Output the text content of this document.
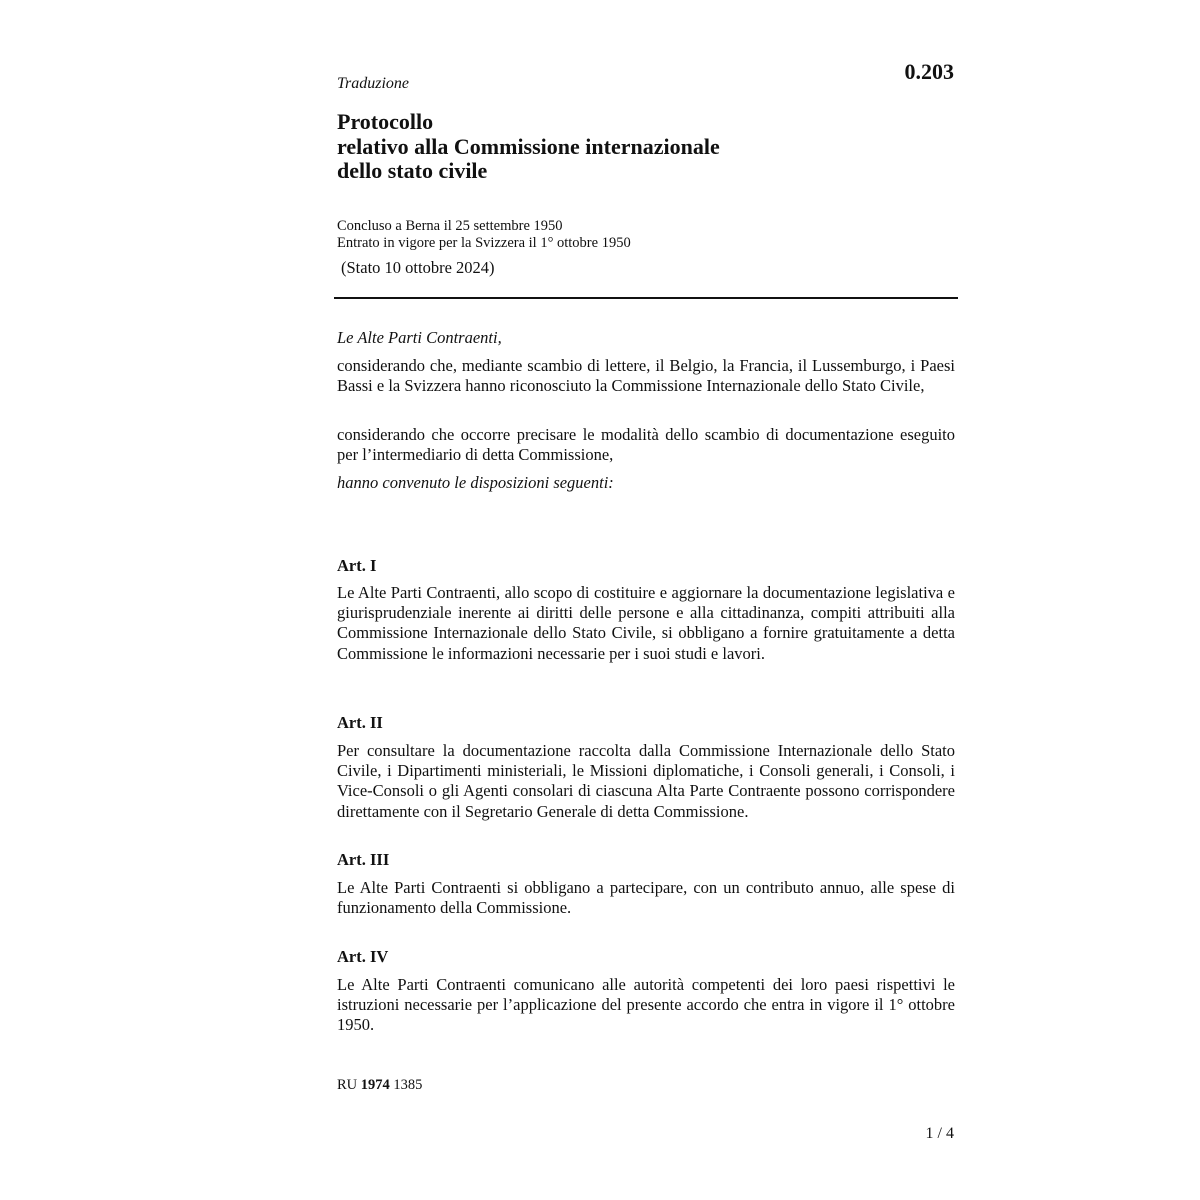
0.203
Traduzione
Protocollo
relativo alla Commissione internazionale
dello stato civile
Concluso a Berna il 25 settembre 1950
Entrato in vigore per la Svizzera il 1° ottobre 1950
(Stato 10 ottobre 2024)

Le Alte Parti Contraenti,

considerando che, mediante scambio di lettere, il Belgio, la Francia, il Lussemburgo, i Paesi Bassi e la Svizzera hanno riconosciuto la Commissione Internazionale dello Stato Civile,

considerando che occorre precisare le modalità dello scambio di documentazione eseguito per l’intermediario di detta Commissione,

hanno convenuto le disposizioni seguenti:

Art. I

Le Alte Parti Contraenti, allo scopo di costituire e aggiornare la documentazione legislativa e giurisprudenziale inerente ai diritti delle persone e alla cittadinanza, compiti attribuiti alla Commissione Internazionale dello Stato Civile, si obbligano a fornire gratuitamente a detta Commissione le informazioni necessarie per i suoi studi e lavori.

Art. II

Per consultare la documentazione raccolta dalla Commissione Internazionale dello Stato Civile, i Dipartimenti ministeriali, le Missioni diplomatiche, i Consoli generali, i Consoli, i Vice-Consoli o gli Agenti consolari di ciascuna Alta Parte Contraente possono corrispondere direttamente con il Segretario Generale di detta Commissione.

Art. III

Le Alte Parti Contraenti si obbligano a partecipare, con un contributo annuo, alle spese di funzionamento della Commissione.

Art. IV

Le Alte Parti Contraenti comunicano alle autorità competenti dei loro paesi rispettivi le istruzioni necessarie per l’applicazione del presente accordo che entra in vigore il 1° ottobre 1950.

RU 1974 1385
1 / 4
